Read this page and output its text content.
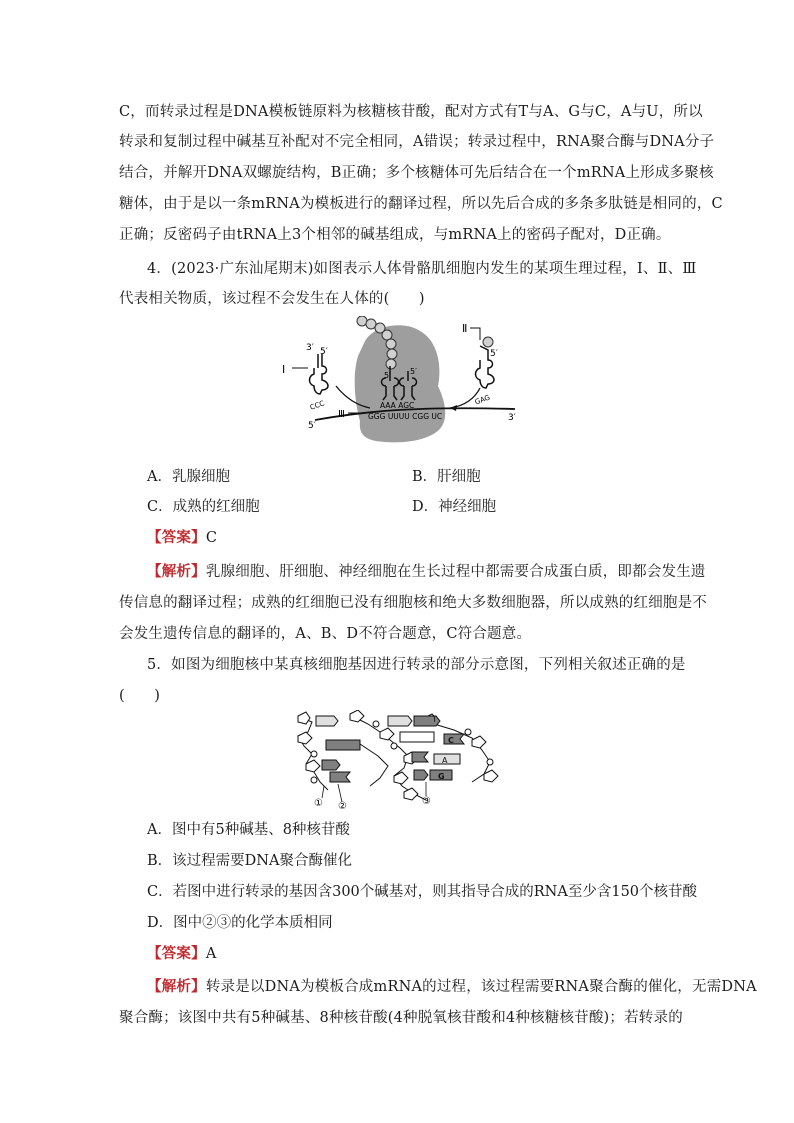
C，而转录过程是DNA模板链原料为核糖核苷酸，配对方式有T与A、G与C，A与U，所以
转录和复制过程中碱基互补配对不完全相同，A错误；转录过程中，RNA聚合酶与DNA分子
结合，并解开DNA双螺旋结构，B正确；多个核糖体可先后结合在一个mRNA上形成多聚核
糖体，由于是以一条mRNA为模板进行的翻译过程，所以先后合成的多条多肽链是相同的，C
正确；反密码子由tRNA上3个相邻的碱基组成，与mRNA上的密码子配对，D正确。
4．(2023·广东汕尾期末)如图表示人体骨骼肌细胞内发生的某项生理过程，Ⅰ、Ⅱ、Ⅲ
代表相关物质，该过程不会发生在人体的(　　)
Ⅰ
Ⅱ
Ⅲ
3′ 5′
CCC
5′ 5′
AAA AGC
5′
GAG
GGG UUUU CGG UC
5′
3′
A．乳腺细胞	B．肝细胞
C．成熟的红细胞	D．神经细胞
【答案】C
【解析】乳腺细胞、肝细胞、神经细胞在生长过程中都需要合成蛋白质，即都会发生遗
传信息的翻译过程；成熟的红细胞已没有细胞核和绝大多数细胞器，所以成熟的红细胞是不
会发生遗传信息的翻译的，A、B、D不符合题意，C符合题意。
5．如图为细胞核中某真核细胞基因进行转录的部分示意图，下列相关叙述正确的是
(　　)
T
C
A
G
① ②	③
A．图中有5种碱基、8种核苷酸
B．该过程需要DNA聚合酶催化
C．若图中进行转录的基因含300个碱基对，则其指导合成的RNA至少含150个核苷酸
D．图中②③的化学本质相同
【答案】A
【解析】转录是以DNA为模板合成mRNA的过程，该过程需要RNA聚合酶的催化，无需DNA
聚合酶；该图中共有5种碱基、8种核苷酸(4种脱氧核苷酸和4种核糖核苷酸)；若转录的
